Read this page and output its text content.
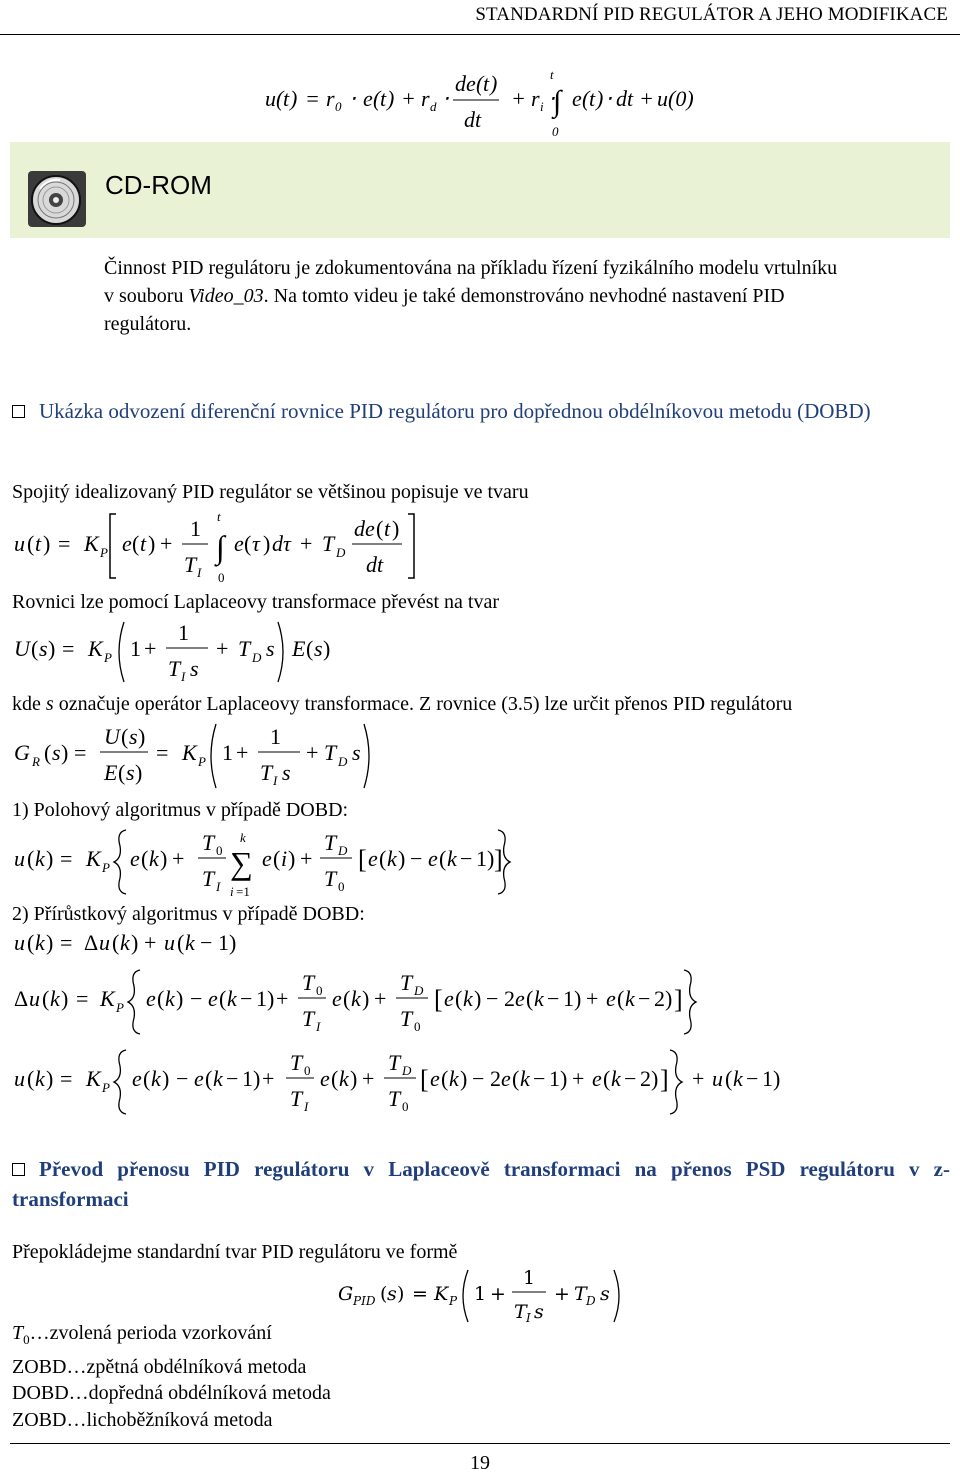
STANDARDNÍ PID REGULÁTOR A JEHO MODIFIKACE
u ( t ) = r 0 ⋅ e ( t ) + r d ⋅
de ( t )
dt
+ r i ⋅
t
∫
0
e ( t ) ⋅ dt + u (0)
CD-ROM
Činnost PID regulátoru je zdokumentována na příkladu řízení fyzikálního modelu vrtulníku
v souboru Video_03. Na tomto videu je také demonstrováno nevhodné nastavení PID
regulátoru.
Ukázka odvození diferenční rovnice PID regulátoru pro dopřednou obdélníkovou metodu (DOBD)
Spojitý idealizovaný PID regulátor se většinou popisuje ve tvaru
u ( t ) = K P e ( t ) +
1
T I
t
∫
0
e ( τ ) dτ + T D
de ( t )
dt
Rovnici lze pomocí Laplaceovy transformace převést na tvar
U ( s ) = K P 1 +
1
T I s
+ T D s E ( s )
kde s označuje operátor Laplaceovy transformace. Z rovnice (3.5) lze určit přenos PID regulátoru
G R ( s ) =
U ( s )
E ( s )
= K P 1 +
1
T I s
+ T D s
1) Polohový algoritmus v případě DOBD:
u ( k ) = K P e ( k ) +
T 0
T I
k
∑
i =1
e ( i ) +
T D
T 0
[ e ( k ) − e ( k − 1) ]
2) Přírůstkový algoritmus v případě DOBD:
u ( k ) = Δ u ( k ) + u ( k − 1)
Δ u ( k ) = K P e ( k ) − e ( k − 1) +
T 0
T I
e ( k ) +
T D
T 0
[ e ( k ) − 2 e ( k − 1) + e ( k − 2) ]
u ( k ) = K P e ( k ) − e ( k − 1) +
T 0
T I
e ( k ) +
T D
T 0
[ e ( k ) − 2 e ( k − 1) + e ( k − 2) ] + u ( k − 1)
Převod přenosu PID regulátoru v Laplaceově transformaci na přenos PSD regulátoru v z-transformaci
Přepokládejme standardní tvar PID regulátoru ve formě
G PID ( s ) = K P 1 +
1
T I s
+ T D s
$T_0\dots zvolená$ perioda vzorkování
ZOBD…zpětná obdélníková metoda
DOBD…dopředná obdélníková metoda
ZOBD…lichoběžníková metoda
19
